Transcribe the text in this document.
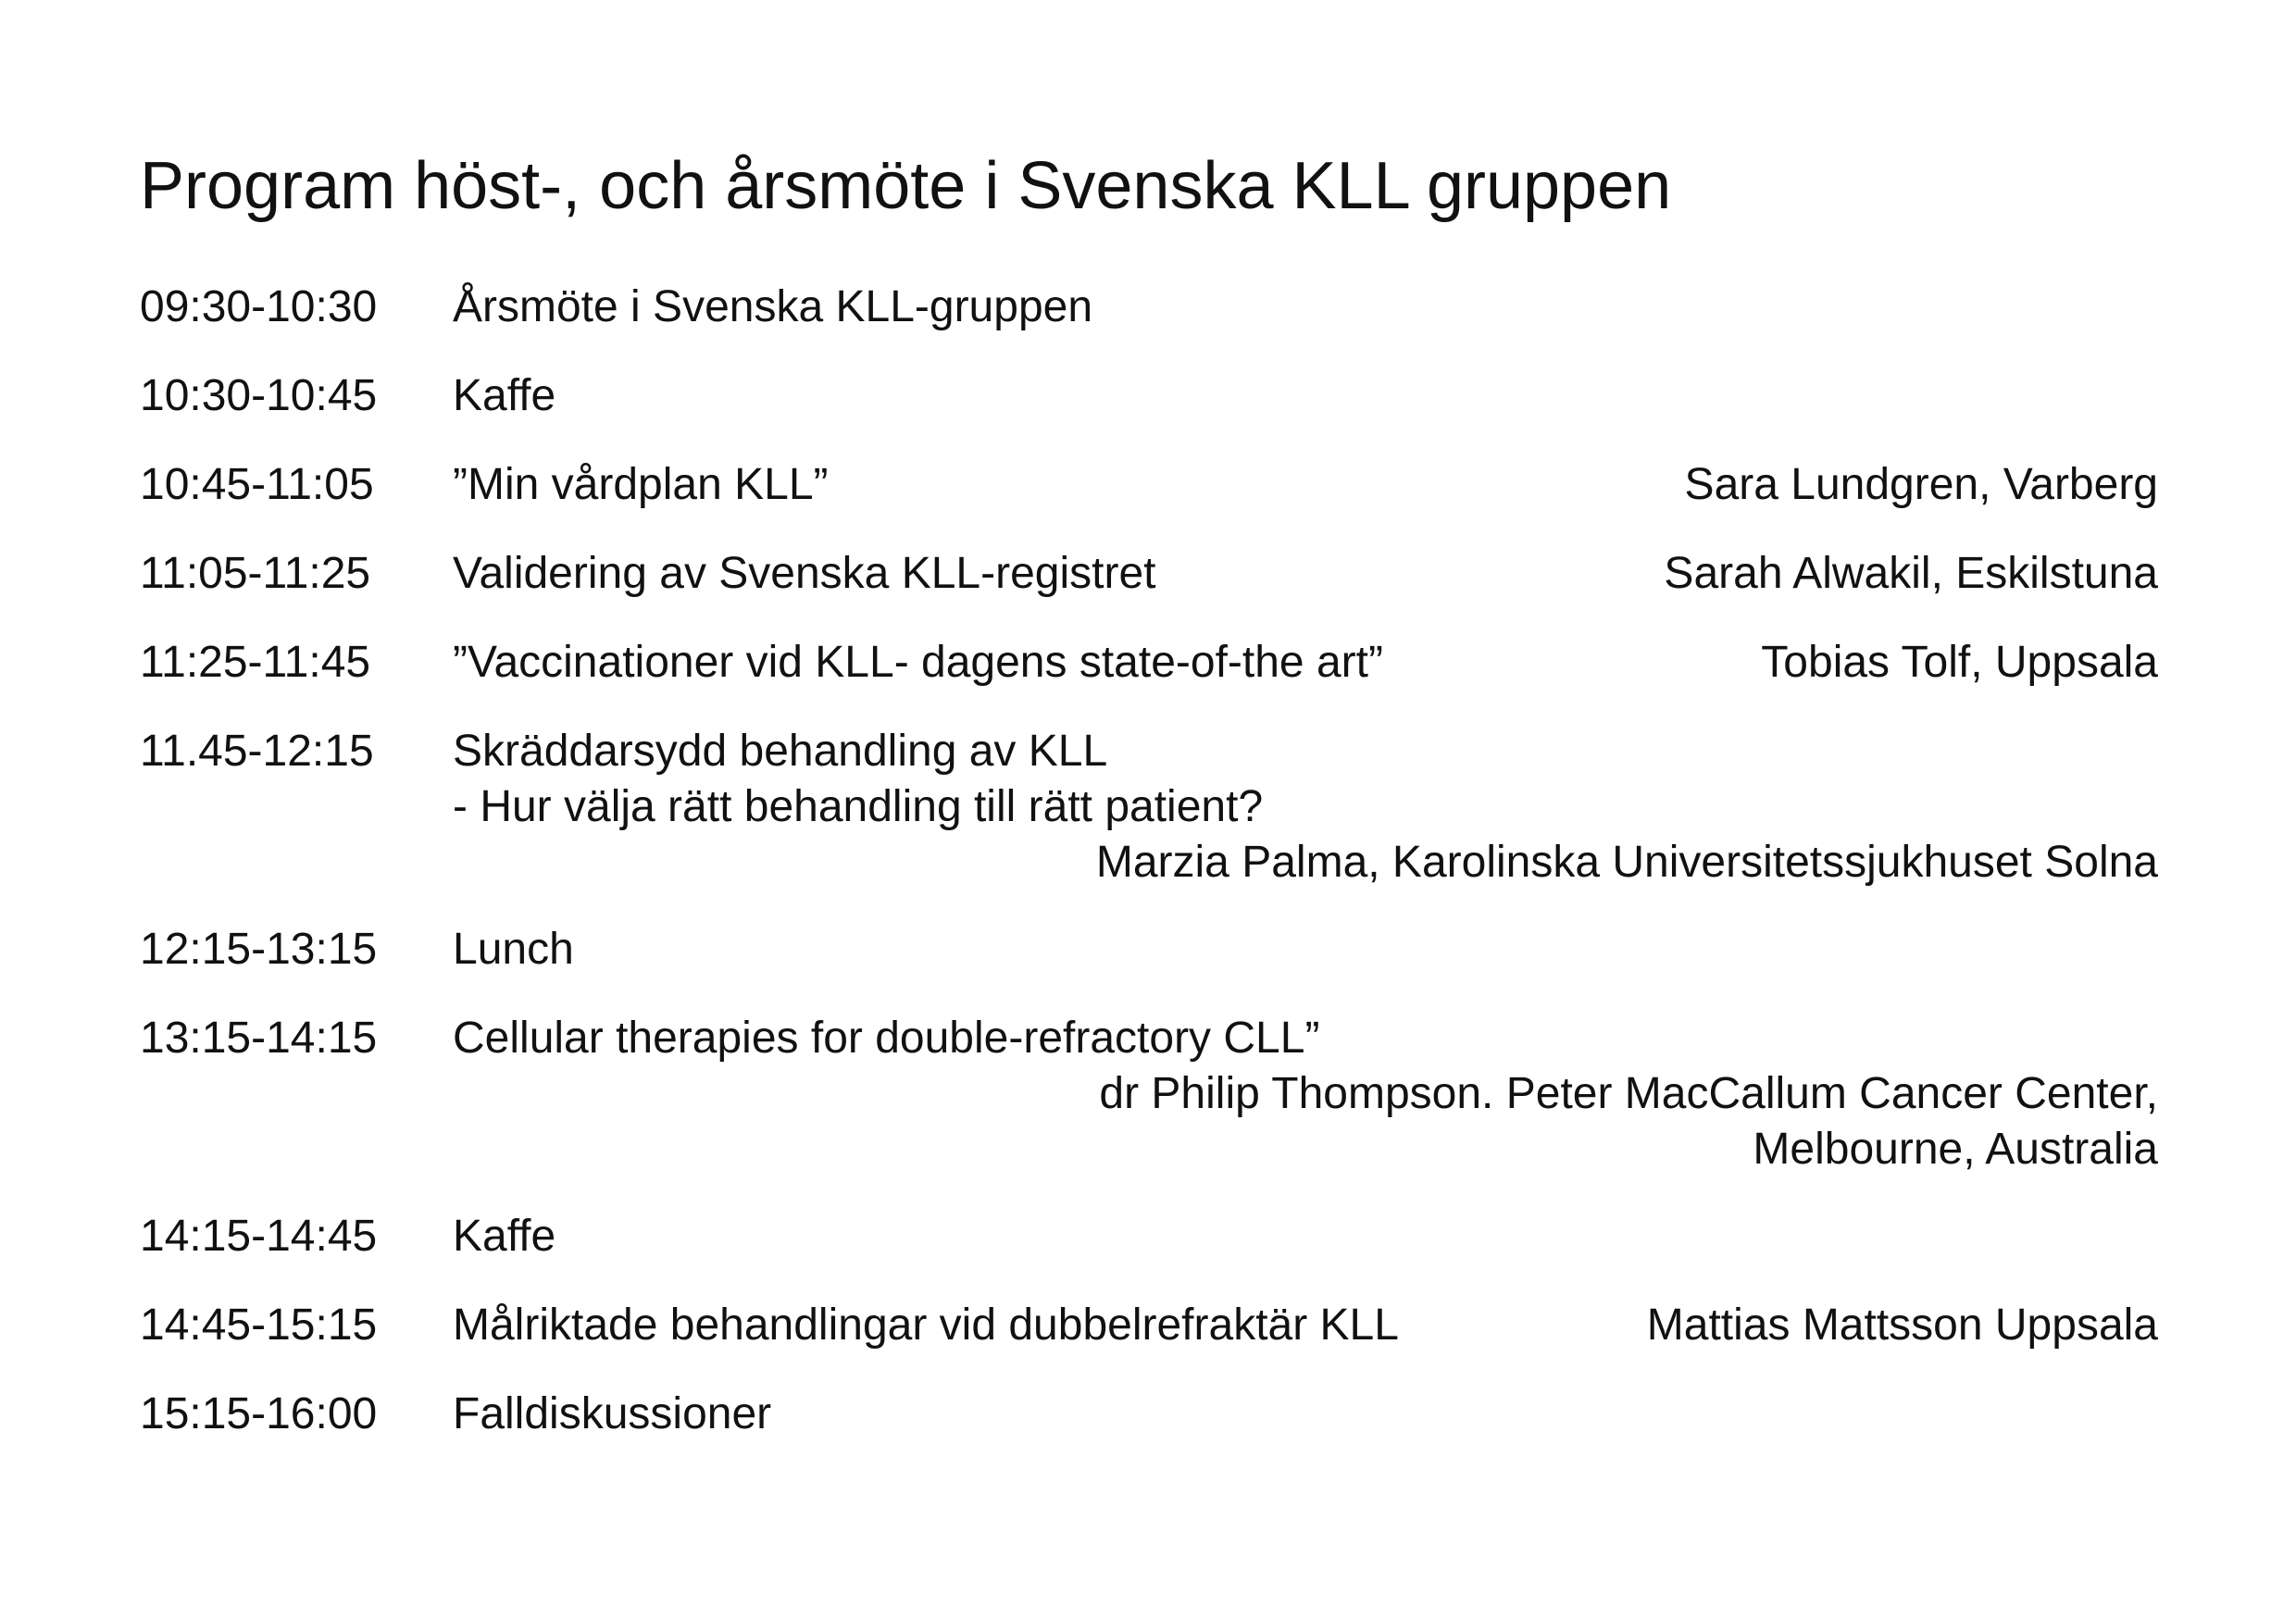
Program höst-, och årsmöte i Svenska KLL gruppen
09:30-10:30 Årsmöte i Svenska KLL-gruppen
10:30-10:45 Kaffe
10:45-11:05 ”Min vårdplan KLL”	Sara Lundgren, Varberg
11:05-11:25 Validering av Svenska KLL-registret	Sarah Alwakil, Eskilstuna
11:25-11:45 ”Vaccinationer vid KLL- dagens state-of-the art”	Tobias Tolf, Uppsala
11.45-12:15 Skräddarsydd behandling av KLL
- Hur välja rätt behandling till rätt patient?
Marzia Palma, Karolinska Universitetssjukhuset Solna
12:15-13:15 Lunch
13:15-14:15 Cellular therapies for double-refractory CLL”
dr Philip Thompson. Peter MacCallum Cancer Center,
Melbourne, Australia
14:15-14:45 Kaffe
14:45-15:15 Målriktade behandlingar vid dubbelrefraktär KLL	Mattias Mattsson Uppsala
15:15-16:00 Falldiskussioner
